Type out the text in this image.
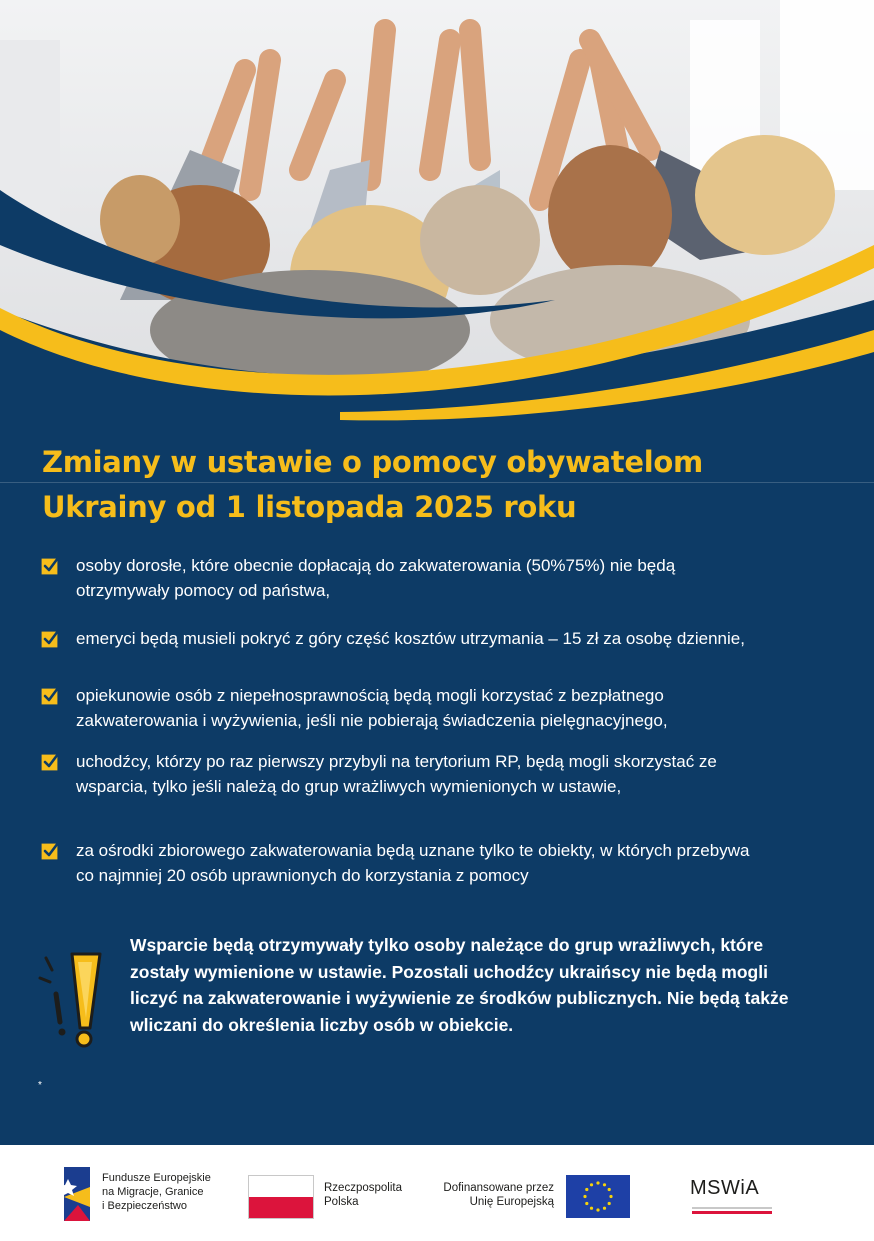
Zmiany w ustawie o pomocy obywatelom
Ukrainy od 1 listopada 2025 roku
osoby dorosłe, które obecnie dopłacają do zakwaterowania (50%75%) nie będą otrzymywały pomocy od państwa,
emeryci będą musieli pokryć z góry część kosztów utrzymania – 15 zł za osobę dziennie,
opiekunowie osób z niepełnosprawnością będą mogli korzystać z bezpłatnego zakwaterowania i wyżywienia, jeśli nie pobierają świadczenia pielęgnacyjnego,
uchodźcy, którzy po raz pierwszy przybyli na terytorium RP, będą mogli skorzystać ze wsparcia, tylko jeśli należą do grup wrażliwych wymienionych w ustawie,
za ośrodki zbiorowego zakwaterowania będą uznane tylko te obiekty, w których przebywa co najmniej 20 osób uprawnionych do korzystania z pomocy
Wsparcie będą otrzymywały tylko osoby należące do grup wrażliwych, które zostały wymienione w ustawie. Pozostali uchodźcy ukraińscy nie będą mogli liczyć na zakwaterowanie i wyżywienie ze środków publicznych. Nie będą także wliczani do określenia liczby osób w obiekcie.
*
Fundusze Europejskie
na Migracje, Granice
i Bezpieczeństwo
Rzeczpospolita
Polska
Dofinansowane przez
Unię Europejską
MSWiA
